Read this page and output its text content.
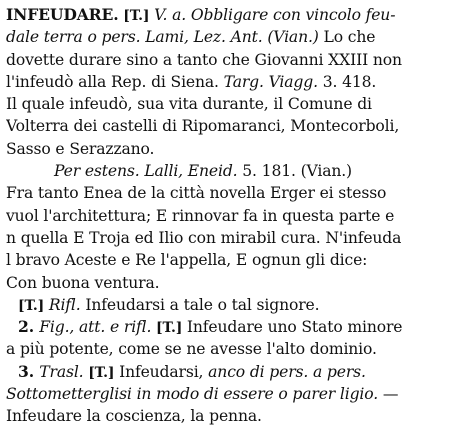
INFEUDARE. [T.] V. a. Obbligare con vincolo feu-
dale terra o pers. Lami, Lez. Ant. (Vian.) Lo che
dovette durare sino a tanto che Giovanni XXIII non
l'infeudò alla Rep. di Siena. Targ. Viagg. 3. 418.
Il quale infeudò, sua vita durante, il Comune di
Volterra dei castelli di Ripomaranci, Montecorboli,
Sasso e Serazzano.
Per estens. Lalli, Eneid. 5. 181. (Vian.)
Fra tanto Enea de la città novella Erger ei stesso
vuol l'architettura; E rinnovar fa in questa parte e
n quella E Troja ed Ilio con mirabil cura. N'infeuda
l bravo Aceste e Re l'appella, E ognun gli dice:
Con buona ventura.
[T.] Rifl. Infeudarsi a tale o tal signore.
2. Fig., att. e rifl. [T.] Infeudare uno Stato minore
a più potente, come se ne avesse l'alto dominio.
3. Trasl. [T.] Infeudarsi, anco di pers. a pers.
Sottometterglisi in modo di essere o parer ligio. —
Infeudare la coscienza, la penna.
